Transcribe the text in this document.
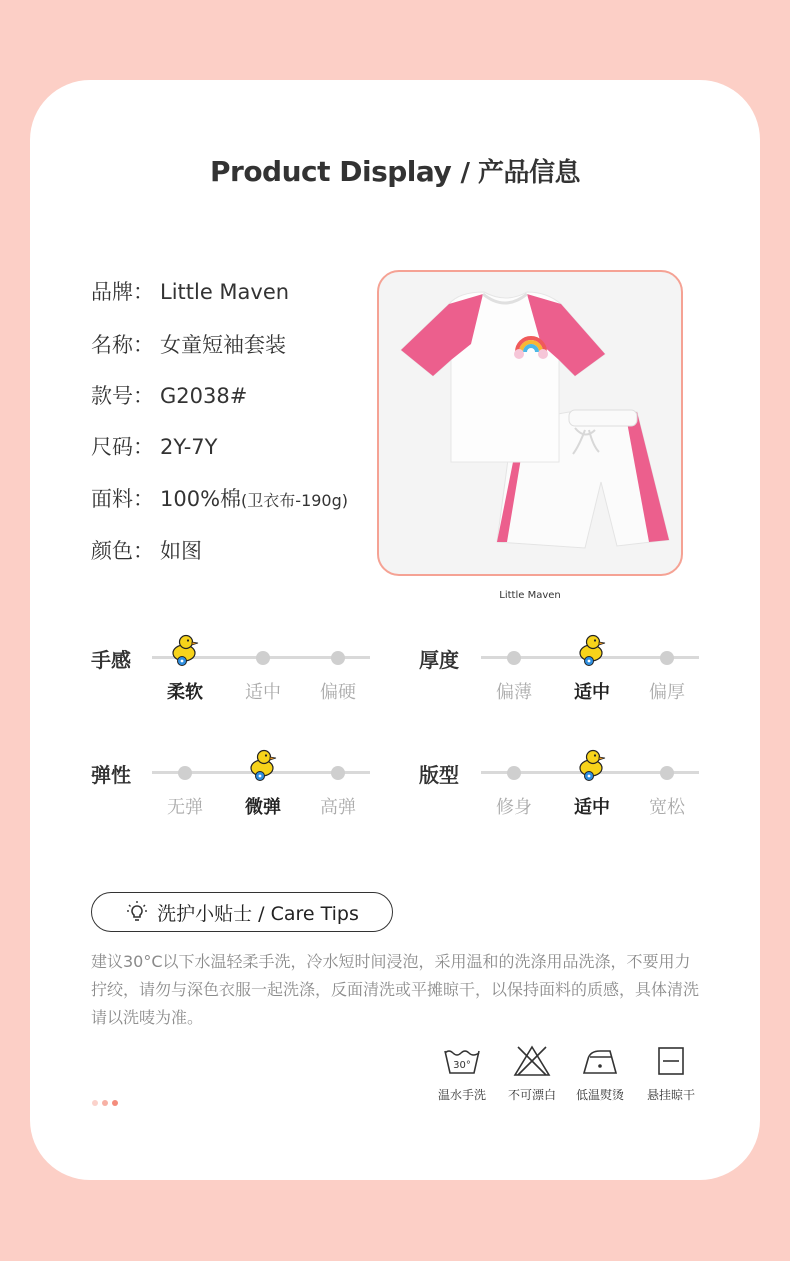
Product Display / 产品信息
品牌： Little Maven
名称： 女童短袖套装
款号： G2038#
尺码： 2Y-7Y
面料： 100%棉(卫衣布-190g)
颜色： 如图
Little Maven
手感
柔软	适中	偏硬
厚度
偏薄	适中	偏厚
弹性
无弹	微弹	高弹
版型
修身	适中	宽松
洗护小贴士 / Care Tips
建议30°C以下水温轻柔手洗，冷水短时间浸泡，采用温和的洗涤用品洗涤，不要用力拧绞，请勿与深色衣服一起洗涤，反面清洗或平摊晾干，以保持面料的质感，具体清洗请以洗唛为准。
30°
温水手洗	不可漂白	低温熨烫	悬挂晾干
